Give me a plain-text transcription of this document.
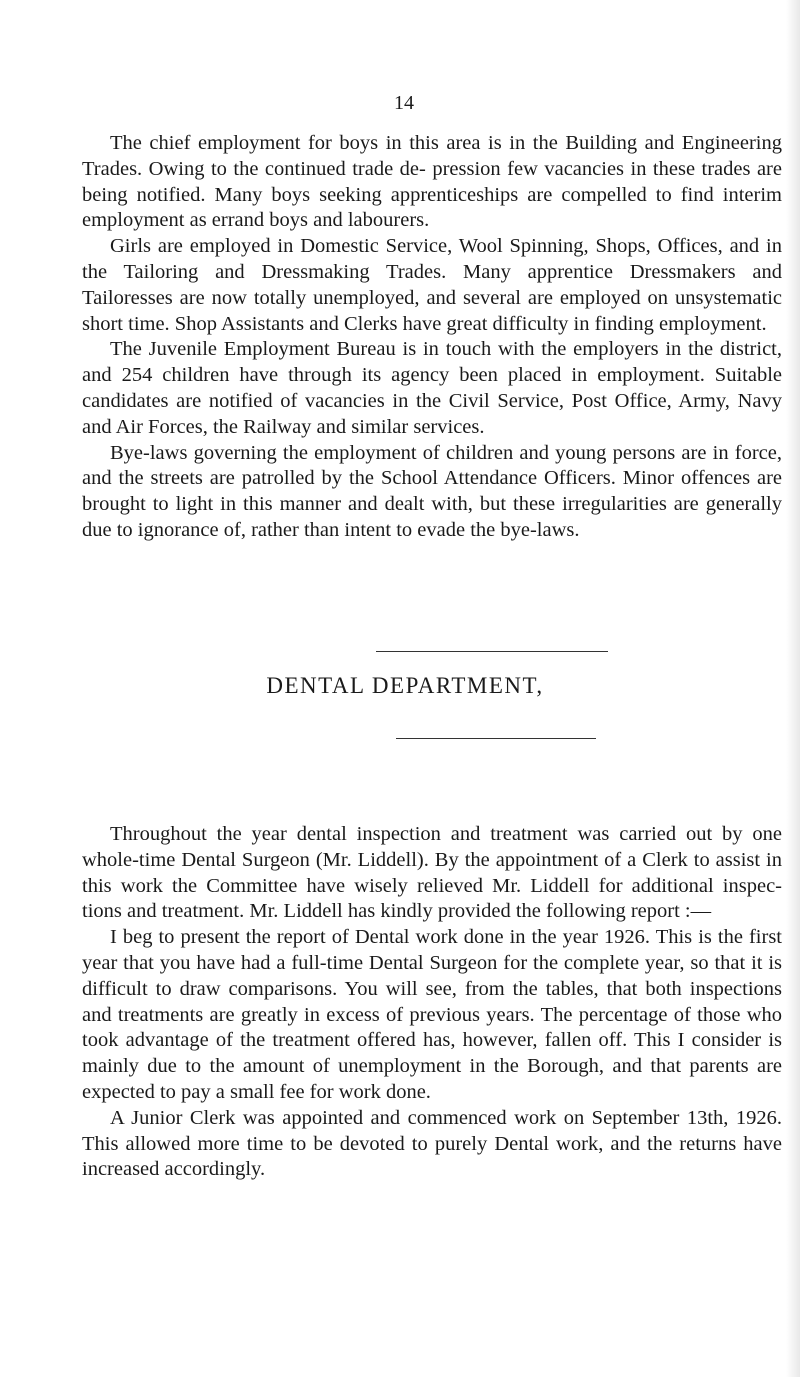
14

The chief employment for boys in this area is in the Building and Engineering Trades. Owing to the continued trade de- pression few vacancies in these trades are being notified. Many boys seeking apprenticeships are compelled to find interim employment as errand boys and labourers.

Girls are employed in Domestic Service, Wool Spinning, Shops, Offices, and in the Tailoring and Dressmaking Trades. Many apprentice Dressmakers and Tailoresses are now totally unemployed, and several are employed on unsystematic short time. Shop Assistants and Clerks have great difficulty in finding employment.

The Juvenile Employment Bureau is in touch with the employers in the district, and 254 children have through its agency been placed in employment. Suitable candidates are notified of vacancies in the Civil Service, Post Office, Army, Navy and Air Forces, the Railway and similar services.

Bye-laws governing the employment of children and young persons are in force, and the streets are patrolled by the School Attendance Officers. Minor offences are brought to light in this manner and dealt with, but these irregularities are generally due to ignorance of, rather than intent to evade the bye-laws.

DENTAL DEPARTMENT,

Throughout the year dental inspection and treatment was carried out by one whole-time Dental Surgeon (Mr. Liddell). By the appointment of a Clerk to assist in this work the Committee have wisely relieved Mr. Liddell for additional inspec- tions and treatment. Mr. Liddell has kindly provided the following report :—

I beg to present the report of Dental work done in the year 1926. This is the first year that you have had a full-time Dental Surgeon for the complete year, so that it is difficult to draw comparisons. You will see, from the tables, that both inspections and treatments are greatly in excess of previous years. The percentage of those who took advantage of the treatment offered has, however, fallen off. This I consider is mainly due to the amount of unemployment in the Borough, and that parents are expected to pay a small fee for work done.

A Junior Clerk was appointed and commenced work on September 13th, 1926. This allowed more time to be devoted to purely Dental work, and the returns have increased accordingly.
